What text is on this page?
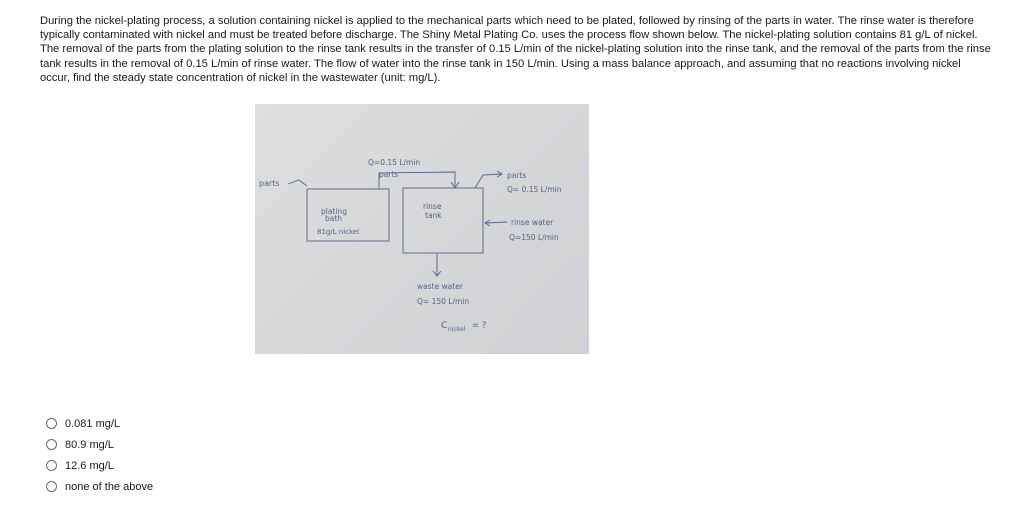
During the nickel-plating process, a solution containing nickel is applied to the mechanical parts which need to be plated, followed by rinsing of the parts in water. The rinse water is therefore typically contaminated with nickel and must be treated before discharge. The Shiny Metal Plating Co. uses the process flow shown below. The nickel-plating solution contains 81 g/L of nickel. The removal of the parts from the plating solution to the rinse tank results in the transfer of 0.15 L/min of the nickel-plating solution into the rinse tank, and the removal of the parts from the rinse tank results in the removal of 0.15 L/min of rinse water. The flow of water into the rinse tank in 150 L/min. Using a mass balance approach, and assuming that no reactions involving nickel occur, find the steady state concentration of nickel in the wastewater (unit: mg/L).

parts
Q=0.15 L/min
parts	parts
Q= 0.15 L/min
plating
bath
81g/L nickel
rinse
tank
rinse water
Q=150 L/min
waste water
Q= 150 L/min
C nickel = ?
0.081 mg/L
80.9 mg/L
12.6 mg/L
none of the above
